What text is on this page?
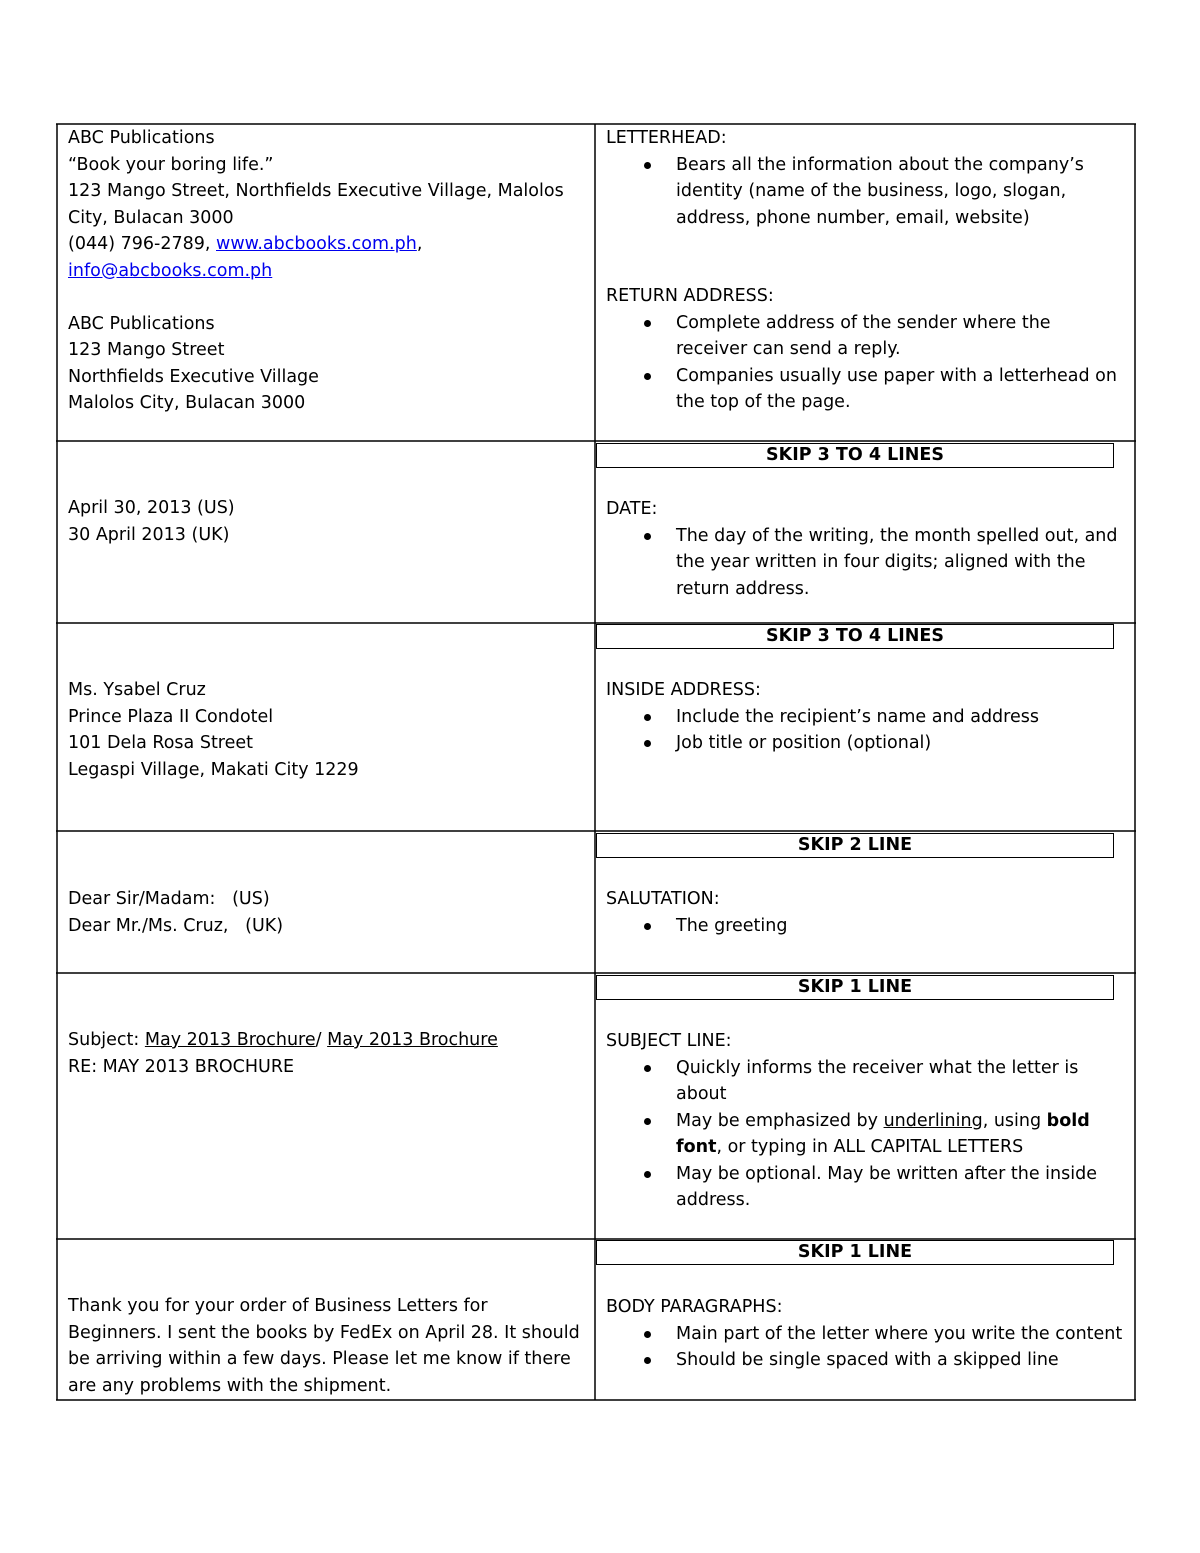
ABC Publications
“Book your boring life.”
123 Mango Street, Northfields Executive Village, Malolos
City, Bulacan 3000
(044) 796-2789, www.abcbooks.com.ph,
info@abcbooks.com.ph
ABC Publications
123 Mango Street
Northfields Executive Village
Malolos City, Bulacan 3000
LETTERHEAD:
Bears all the information about the company’s identity (name of the business, logo, slogan, address, phone number, email, website)
RETURN ADDRESS:
Complete address of the sender where the receiver can send a reply.
Companies usually use paper with a letterhead on the top of the page.
SKIP 3 TO 4 LINES
April 30, 2013 (US)
30 April 2013 (UK)
DATE:
The day of the writing, the month spelled out, and the year written in four digits; aligned with the return address.
SKIP 3 TO 4 LINES
Ms. Ysabel Cruz
Prince Plaza II Condotel
101 Dela Rosa Street
Legaspi Village, Makati City 1229
INSIDE ADDRESS:
Include the recipient’s name and address
Job title or position (optional)
SKIP 2 LINE
Dear Sir/Madam:   (US)
Dear Mr./Ms. Cruz,   (UK)
SALUTATION:
The greeting
SKIP 1 LINE
Subject: May 2013 Brochure/ May 2013 Brochure
RE: MAY 2013 BROCHURE
SUBJECT LINE:
Quickly informs the receiver what the letter is about
May be emphasized by underlining, using bold font, or typing in ALL CAPITAL LETTERS
May be optional. May be written after the inside address.
SKIP 1 LINE
Thank you for your order of Business Letters for Beginners. I sent the books by FedEx on April 28. It should be arriving within a few days. Please let me know if there are any problems with the shipment.
BODY PARAGRAPHS:
Main part of the letter where you write the content
Should be single spaced with a skipped line
